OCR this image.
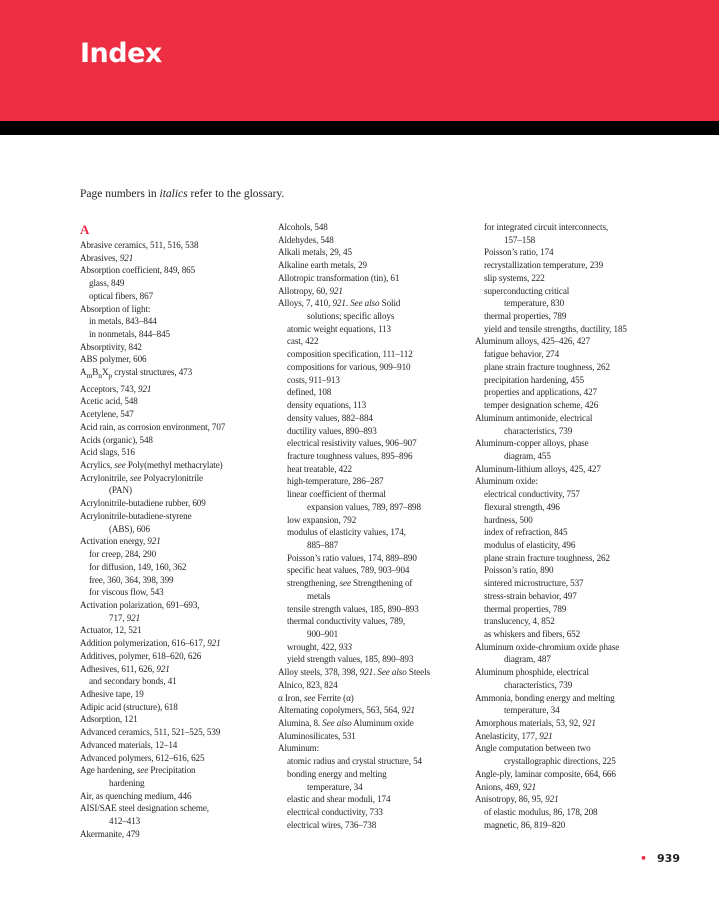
Index

Page numbers in italics refer to the glossary.

A
Abrasive ceramics, 511, 516, 538
Abrasives, 921
Absorption coefficient, 849, 865
glass, 849
optical fibers, 867
Absorption of light:
in metals, 843–844
in nonmetals, 844–845
Absorptivity, 842
ABS polymer, 606
$A_mB_nX_p$ crystal structures, 473
Acceptors, 743, 921
Acetic acid, 548
Acetylene, 547
Acid rain, as corrosion environment, 707
Acids (organic), 548
Acid slags, 516
Acrylics, see Poly(methyl methacrylate)
Acrylonitrile, see Polyacrylonitrile
(PAN)
Acrylonitrile-butadiene rubber, 609
Acrylonitrile-butadiene-styrene
(ABS), 606
Activation energy, 921
for creep, 284, 290
for diffusion, 149, 160, 362
free, 360, 364, 398, 399
for viscous flow, 543
Activation polarization, 691–693,
717, 921
Actuator, 12, 521
Addition polymerization, 616–617, 921
Additives, polymer, 618–620, 626
Adhesives, 611, 626, 921
and secondary bonds, 41
Adhesive tape, 19
Adipic acid (structure), 618
Adsorption, 121
Advanced ceramics, 511, 521–525, 539
Advanced materials, 12–14
Advanced polymers, 612–616, 625
Age hardening, see Precipitation
hardening
Air, as quenching medium, 446
AISI/SAE steel designation scheme,
412–413
Akermanite, 479
Alcohols, 548
Aldehydes, 548
Alkali metals, 29, 45
Alkaline earth metals, 29
Allotropic transformation (tin), 61
Allotropy, 60, 921
Alloys, 7, 410, 921. See also Solid
solutions; specific alloys
atomic weight equations, 113
cast, 422
composition specification, 111–112
compositions for various, 909–910
costs, 911–913
defined, 108
density equations, 113
density values, 882–884
ductility values, 890–893
electrical resistivity values, 906–907
fracture toughness values, 895–896
heat treatable, 422
high-temperature, 286–287
linear coefficient of thermal
expansion values, 789, 897–898
low expansion, 792
modulus of elasticity values, 174,
885–887
Poisson’s ratio values, 174, 889–890
specific heat values, 789, 903–904
strengthening, see Strengthening of
metals
tensile strength values, 185, 890–893
thermal conductivity values, 789,
900–901
wrought, 422, 933
yield strength values, 185, 890–893
Alloy steels, 378, 398, 921. See also Steels
Alnico, 823, 824
α Iron, see Ferrite (α)
Alternating copolymers, 563, 564, 921
Alumina, 8. See also Aluminum oxide
Aluminosilicates, 531
Aluminum:
atomic radius and crystal structure, 54
bonding energy and melting
temperature, 34
elastic and shear moduli, 174
electrical conductivity, 733
electrical wires, 736–738
for integrated circuit interconnects,
157–158
Poisson’s ratio, 174
recrystallization temperature, 239
slip systems, 222
superconducting critical
temperature, 830
thermal properties, 789
yield and tensile strengths, ductility, 185
Aluminum alloys, 425–426, 427
fatigue behavior, 274
plane strain fracture toughness, 262
precipitation hardening, 455
properties and applications, 427
temper designation scheme, 426
Aluminum antimonide, electrical
characteristics, 739
Aluminum-copper alloys, phase
diagram, 455
Aluminum-lithium alloys, 425, 427
Aluminum oxide:
electrical conductivity, 757
flexural strength, 496
hardness, 500
index of refraction, 845
modulus of elasticity, 496
plane strain fracture toughness, 262
Poisson’s ratio, 890
sintered microstructure, 537
stress-strain behavior, 497
thermal properties, 789
translucency, 4, 852
as whiskers and fibers, 652
Aluminum oxide-chromium oxide phase
diagram, 487
Aluminum phosphide, electrical
characteristics, 739
Ammonia, bonding energy and melting
temperature, 34
Amorphous materials, 53, 92, 921
Anelasticity, 177, 921
Angle computation between two
crystallographic directions, 225
Angle-ply, laminar composite, 664, 666
Anions, 469, 921
Anisotropy, 86, 95, 921
of elastic modulus, 86, 178, 208
magnetic, 86, 819–820
• 939
